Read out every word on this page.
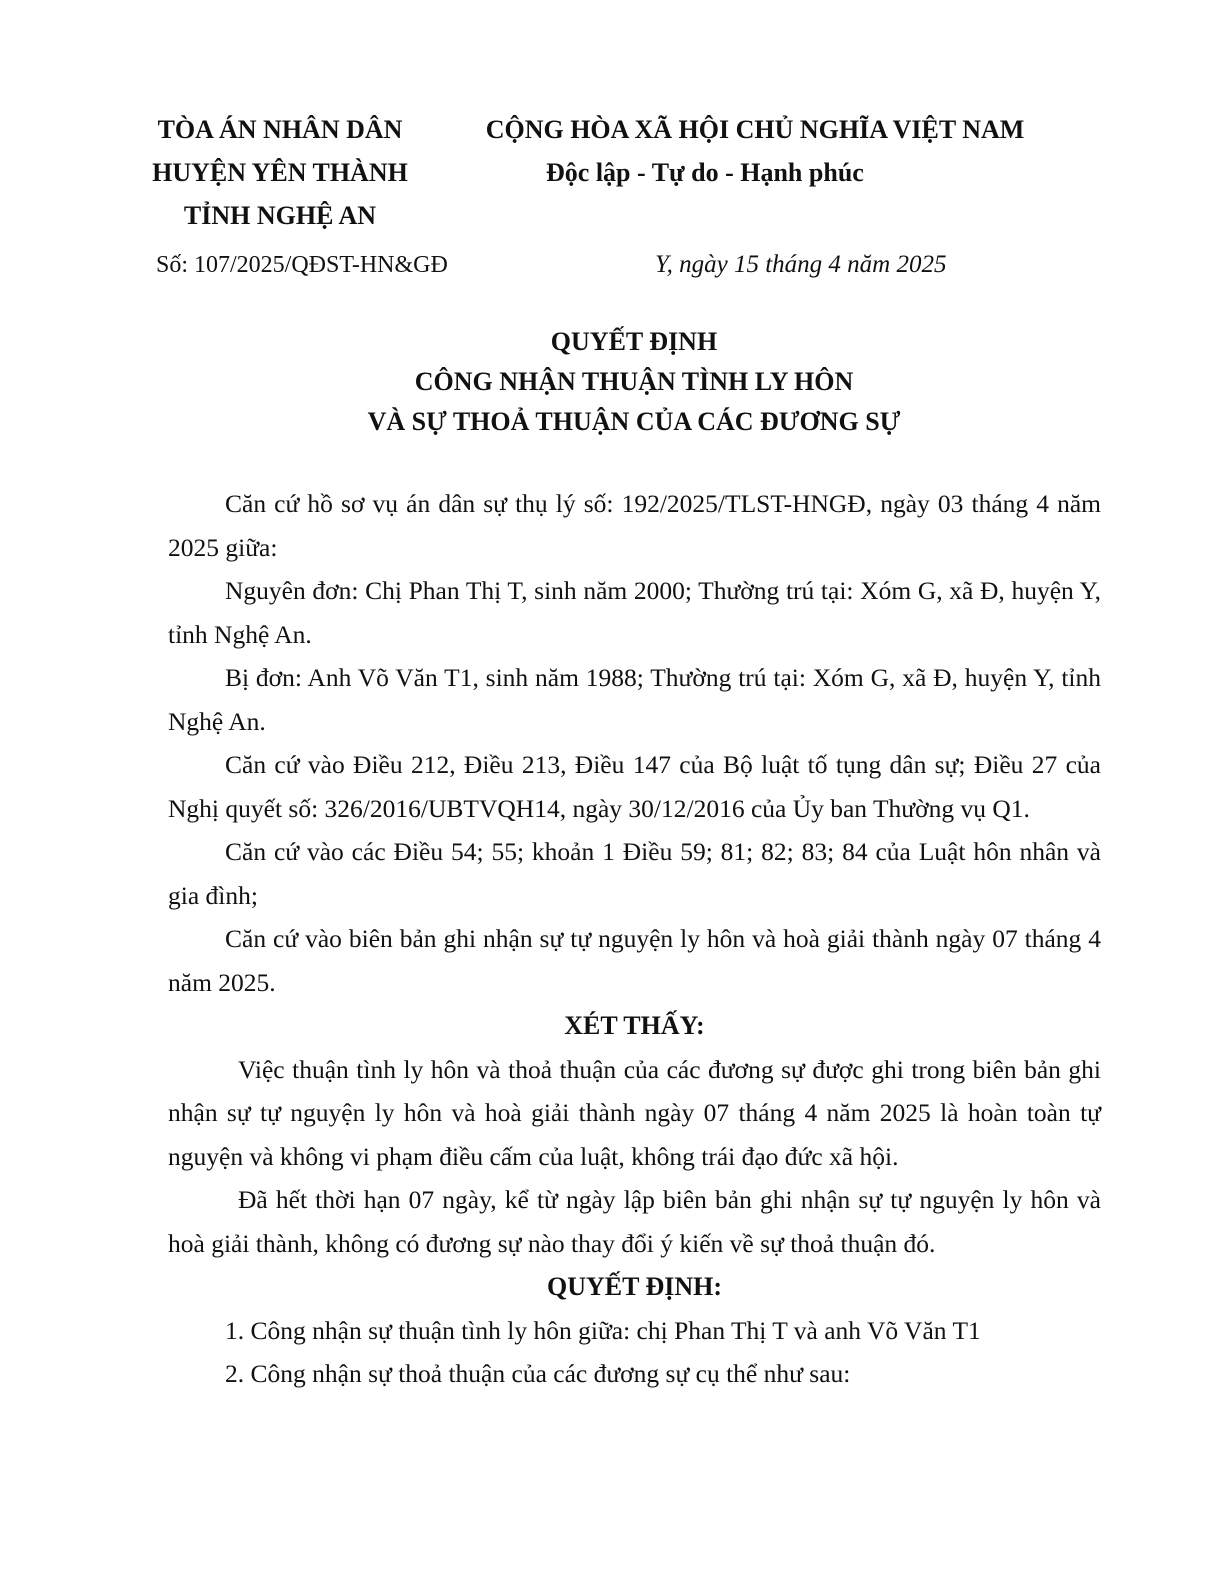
TÒA ÁN NHÂN DÂN
HUYỆN YÊN THÀNH
TỈNH NGHỆ AN
CỘNG HÒA XÃ HỘI CHỦ NGHĨA VIỆT NAM
Độc lập - Tự do - Hạnh phúc
Số: 107/2025/QĐST-HN&GĐ	Y, ngày 15 tháng 4 năm 2025
QUYẾT ĐỊNH
CÔNG NHẬN THUẬN TÌNH LY HÔN
VÀ SỰ THOẢ THUẬN CỦA CÁC ĐƯƠNG SỰ

Căn cứ hồ sơ vụ án dân sự thụ lý số: 192/2025/TLST-HNGĐ, ngày 03 tháng 4 năm 2025 giữa:

Nguyên đơn: Chị Phan Thị T, sinh năm 2000; Thường trú tại: Xóm G, xã Đ, huyện Y, tỉnh Nghệ An.

Bị đơn: Anh Võ Văn T1, sinh năm 1988; Thường trú tại: Xóm G, xã Đ, huyện Y, tỉnh Nghệ An.

Căn cứ vào Điều 212, Điều 213, Điều 147 của Bộ luật tố tụng dân sự; Điều 27 của Nghị quyết số: 326/2016/UBTVQH14, ngày 30/12/2016 của Ủy ban Thường vụ Q1.

Căn cứ vào các Điều 54; 55; khoản 1 Điều 59; 81; 82; 83; 84 của Luật hôn nhân và gia đình;

Căn cứ vào biên bản ghi nhận sự tự nguyện ly hôn và hoà giải thành ngày 07 tháng 4 năm 2025.

XÉT THẤY:

Việc thuận tình ly hôn và thoả thuận của các đương sự được ghi trong biên bản ghi nhận sự tự nguyện ly hôn và hoà giải thành ngày 07 tháng 4 năm 2025 là hoàn toàn tự nguyện và không vi phạm điều cấm của luật, không trái đạo đức xã hội.

Đã hết thời hạn 07 ngày, kể từ ngày lập biên bản ghi nhận sự tự nguyện ly hôn và hoà giải thành, không có đương sự nào thay đổi ý kiến về sự thoả thuận đó.

QUYẾT ĐỊNH:

1. Công nhận sự thuận tình ly hôn giữa: chị Phan Thị T và anh Võ Văn T1

2. Công nhận sự thoả thuận của các đương sự cụ thể như sau:
